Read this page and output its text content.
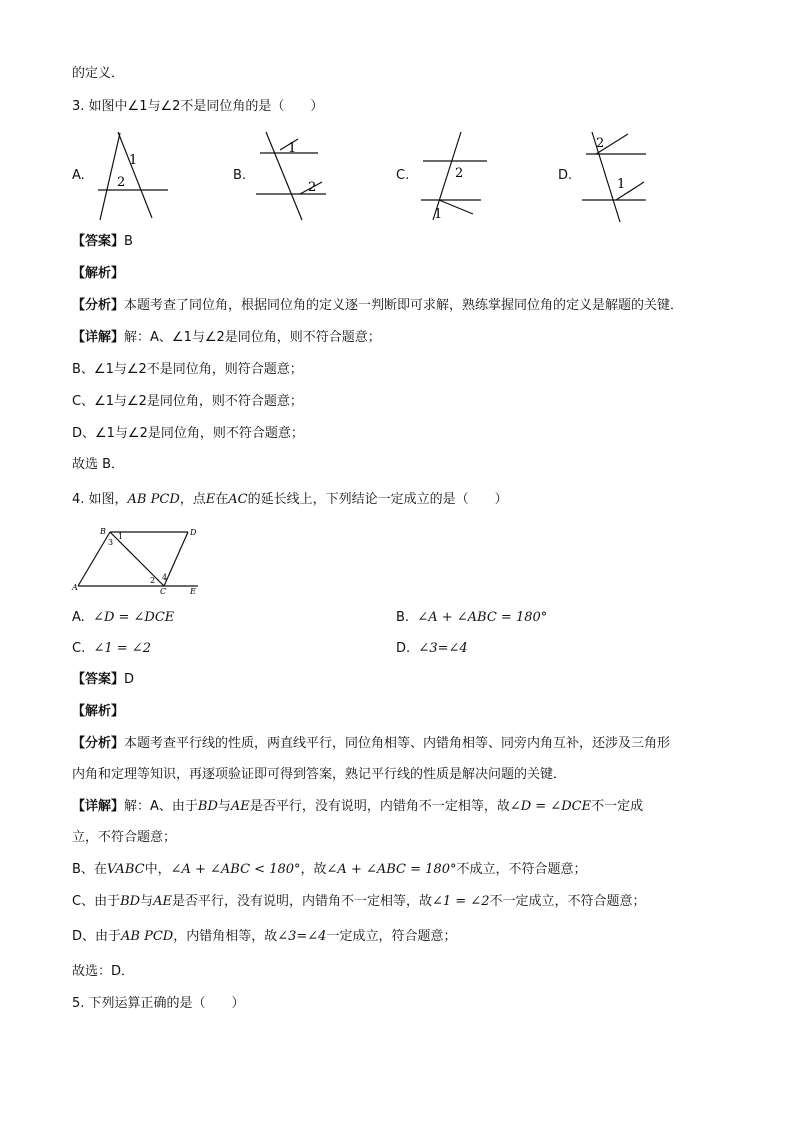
的定义．
3. 如图中∠1与∠2不是同位角的是（　　）
A.
1
2	B.
1
2
C.	2
1
D.
2
1
【答案】B
【解析】
【分析】本题考查了同位角，根据同位角的定义逐一判断即可求解，熟练掌握同位角的定义是解题的关键．
【详解】解：A、∠1与∠2是同位角，则不符合题意；
B、∠1与∠2不是同位角，则符合题意；
C、∠1与∠2是同位角，则不符合题意；
D、∠1与∠2是同位角，则不符合题意；
故选 B．
4. 如图，AB PCD，点E在AC的延长线上，下列结论一定成立的是（　　）
B	D
A	C	E
1
3
2 4
A. ∠D = ∠DCE	B. ∠A + ∠ABC = 180°
C. ∠1 = ∠2	D. ∠3=∠4
【答案】D
【解析】
【分析】本题考查平行线的性质，两直线平行，同位角相等、内错角相等、同旁内角互补，还涉及三角形
内角和定理等知识，再逐项验证即可得到答案，熟记平行线的性质是解决问题的关键．
【详解】解：A、由于BD与AE是否平行，没有说明，内错角不一定相等，故∠D = ∠DCE不一定成
立，不符合题意；
B、在VABC中，∠A + ∠ABC < 180°，故∠A + ∠ABC = 180°不成立，不符合题意；
C、由于BD与AE是否平行，没有说明，内错角不一定相等，故∠1 = ∠2不一定成立，不符合题意；
D、由于AB PCD，内错角相等，故∠3=∠4一定成立，符合题意；
故选：D．
5. 下列运算正确的是（　　）
